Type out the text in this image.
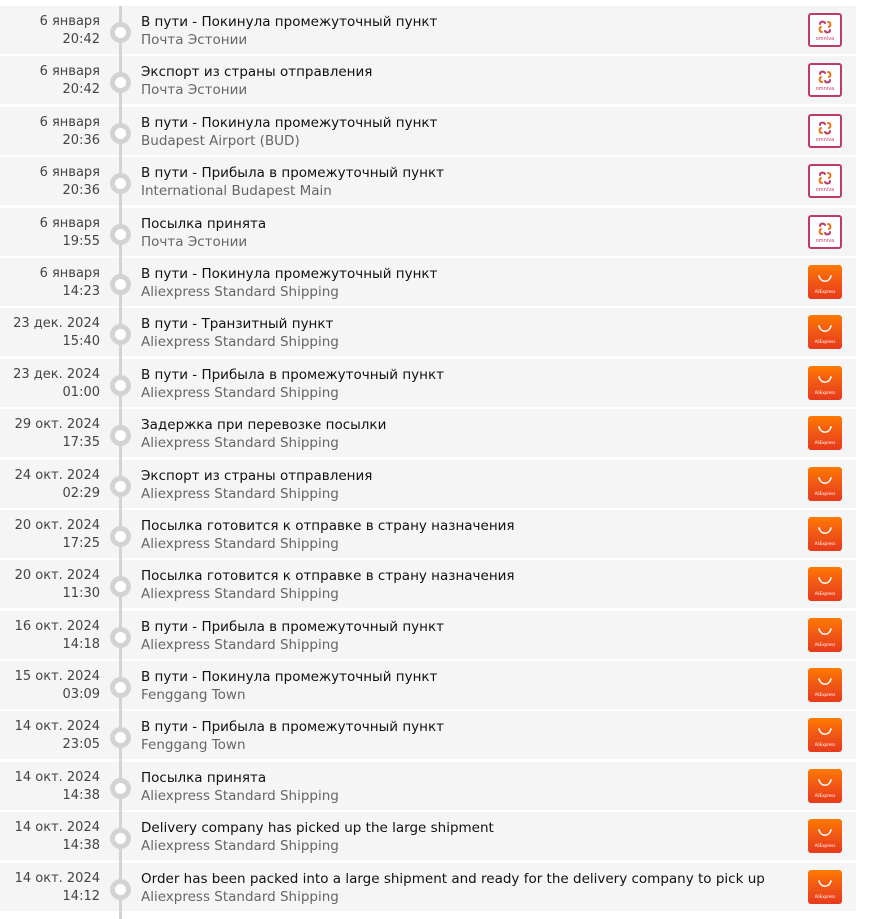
6 января
20:42
В пути - Покинула промежуточный пункт
Почта Эстонии	omniva
6 января
20:42
Экспорт из страны отправления
Почта Эстонии	omniva
6 января
20:36
В пути - Покинула промежуточный пункт
Budapest Airport (BUD)	omniva
6 января
20:36
В пути - Прибыла в промежуточный пункт
International Budapest Main	omniva
6 января
19:55
Посылка принята
Почта Эстонии	omniva
6 января
14:23
В пути - Покинула промежуточный пункт
Aliexpress Standard Shipping	AliExpress
23 дек. 2024
15:40
В пути - Транзитный пункт
Aliexpress Standard Shipping	AliExpress
23 дек. 2024
01:00
В пути - Прибыла в промежуточный пункт
Aliexpress Standard Shipping	AliExpress
29 окт. 2024
17:35
Задержка при перевозке посылки
Aliexpress Standard Shipping	AliExpress
24 окт. 2024
02:29
Экспорт из страны отправления
Aliexpress Standard Shipping	AliExpress
20 окт. 2024
17:25
Посылка готовится к отправке в страну назначения
Aliexpress Standard Shipping	AliExpress
20 окт. 2024
11:30
Посылка готовится к отправке в страну назначения
Aliexpress Standard Shipping	AliExpress
16 окт. 2024
14:18
В пути - Прибыла в промежуточный пункт
Aliexpress Standard Shipping	AliExpress
15 окт. 2024
03:09
В пути - Покинула промежуточный пункт
Fenggang Town	AliExpress
14 окт. 2024
23:05
В пути - Прибыла в промежуточный пункт
Fenggang Town	AliExpress
14 окт. 2024
14:38
Посылка принята
Aliexpress Standard Shipping	AliExpress
14 окт. 2024
14:38
Delivery company has picked up the large shipment
Aliexpress Standard Shipping	AliExpress
14 окт. 2024
14:12
Order has been packed into a large shipment and ready for the delivery company to pick up
Aliexpress Standard Shipping	AliExpress
